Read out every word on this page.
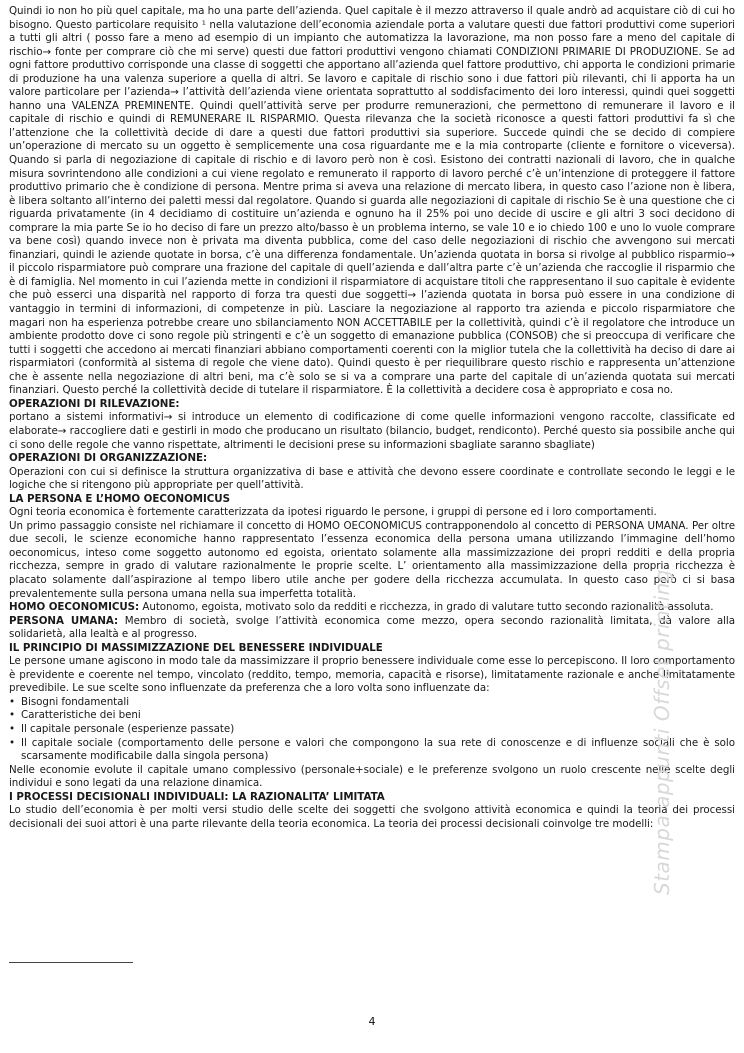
Quindi io non ho più quel capitale, ma ho una parte dell’azienda. Quel capitale è il mezzo attraverso il quale andrò ad acquistare ciò di cui ho bisogno. Questo particolare requisito ¹ nella valutazione dell’economia aziendale porta a valutare questi due fattori produttivi come superiori a tutti gli altri ( posso fare a meno ad esempio di un impianto che automatizza la lavorazione, ma non posso fare a meno del capitale di rischio→ fonte per comprare ciò che mi serve) questi due fattori produttivi vengono chiamati CONDIZIONI PRIMARIE DI PRODUZIONE. Se ad ogni fattore produttivo corrisponde una classe di soggetti che apportano all’azienda quel fattore produttivo, chi apporta le condizioni primarie di produzione ha una valenza superiore a quella di altri. Se lavoro e capitale di rischio sono i due fattori più rilevanti, chi li apporta ha un valore particolare per l’azienda→ l’attività dell’azienda viene orientata soprattutto al soddisfacimento dei loro interessi, quindi quei soggetti hanno una VALENZA PREMINENTE. Quindi quell’attività serve per produrre remunerazioni, che permettono di remunerare il lavoro e il capitale di rischio e quindi di REMUNERARE IL RISPARMIO. Questa rilevanza che la società riconosce a questi fattori produttivi fa sì che l’attenzione che la collettività decide di dare a questi due fattori produttivi sia superiore. Succede quindi che se decido di compiere un’operazione di mercato su un oggetto è semplicemente una cosa riguardante me e la mia controparte (cliente e fornitore o viceversa). Quando si parla di negoziazione di capitale di rischio e di lavoro però non è così. Esistono dei contratti nazionali di lavoro, che in qualche misura sovrintendono alle condizioni a cui viene regolato e remunerato il rapporto di lavoro perché c’è un’intenzione di proteggere il fattore produttivo primario che è condizione di persona. Mentre prima si aveva una relazione di mercato libera, in questo caso l’azione non è libera, è libera soltanto all’interno dei paletti messi dal regolatore. Quando si guarda alle negoziazioni di capitale di rischio Se è una questione che ci riguarda privatamente (in 4 decidiamo di costituire un’azienda e ognuno ha il 25% poi uno decide di uscire e gli altri 3 soci decidono di comprare la mia parte Se io ho deciso di fare un prezzo alto/basso è un problema interno, se vale 10 e io chiedo 100 e uno lo vuole comprare va bene così) quando invece non è privata ma diventa pubblica, come del caso delle negoziazioni di rischio che avvengono sui mercati finanziari, quindi le aziende quotate in borsa, c’è una differenza fondamentale. Un’azienda quotata in borsa si rivolge al pubblico risparmio→ il piccolo risparmiatore può comprare una frazione del capitale di quell’azienda e dall’altra parte c’è un’azienda che raccoglie il risparmio che è di famiglia. Nel momento in cui l’azienda mette in condizioni il risparmiatore di acquistare titoli che rappresentano il suo capitale è evidente che può esserci una disparità nel rapporto di forza tra questi due soggetti→ l’azienda quotata in borsa può essere in una condizione di vantaggio in termini di informazioni, di competenze in più. Lasciare la negoziazione al rapporto tra azienda e piccolo risparmiatore che magari non ha esperienza potrebbe creare uno sbilanciamento NON ACCETTABILE per la collettività, quindi c’è il regolatore che introduce un ambiente prodotto dove ci sono regole più stringenti e c’è un soggetto di emanazione pubblica (CONSOB) che si preoccupa di verificare che tutti i soggetti che accedono ai mercati finanziari abbiano comportamenti coerenti con la miglior tutela che la collettività ha deciso di dare ai risparmiatori (conformità al sistema di regole che viene dato). Quindi questo è per riequilibrare questo rischio e rappresenta un’attenzione che è assente nella negoziazione di altri beni, ma c’è solo se si va a comprare una parte del capitale di un’azienda quotata sui mercati finanziari. Questo perché la collettività decide di tutelare il risparmiatore. È la collettività a decidere cosa è appropriato e cosa no.

OPERAZIONI DI RILEVAZIONE:

portano a sistemi informativi→ si introduce un elemento di codificazione di come quelle informazioni vengono raccolte, classificate ed elaborate→ raccogliere dati e gestirli in modo che producano un risultato (bilancio, budget, rendiconto). Perché questo sia possibile anche qui ci sono delle regole che vanno rispettate, altrimenti le decisioni prese su informazioni sbagliate saranno sbagliate)

OPERAZIONI DI ORGANIZZAZIONE:

Operazioni con cui si definisce la struttura organizzativa di base e attività che devono essere coordinate e controllate secondo le leggi e le logiche che si ritengono più appropriate per quell’attività.

LA PERSONA E L’HOMO OECONOMICUS

Ogni teoria economica è fortemente caratterizzata da ipotesi riguardo le persone, i gruppi di persone ed i loro comportamenti.

Un primo passaggio consiste nel richiamare il concetto di HOMO OECONOMICUS contrapponendolo al concetto di PERSONA UMANA. Per oltre due secoli, le scienze economiche hanno rappresentato l’essenza economica della persona umana utilizzando l’immagine dell’homo oeconomicus, inteso come soggetto autonomo ed egoista, orientato solamente alla massimizzazione dei propri redditi e della propria ricchezza, sempre in grado di valutare razionalmente le proprie scelte. L’ orientamento alla massimizzazione della propria ricchezza è placato solamente dall’aspirazione al tempo libero utile anche per godere della ricchezza accumulata. In questo caso però ci si basa prevalentemente sulla persona umana nella sua imperfetta totalità.

HOMO OECONOMICUS: Autonomo, egoista, motivato solo da redditi e ricchezza, in grado di valutare tutto secondo razionalità assoluta.

PERSONA UMANA: Membro di società, svolge l’attività economica come mezzo, opera secondo razionalità limitata, dà valore alla solidarietà, alla lealtà e al progresso.

IL PRINCIPIO DI MASSIMIZZAZIONE DEL BENESSERE INDIVIDUALE

Le persone umane agiscono in modo tale da massimizzare il proprio benessere individuale come esse lo percepiscono. Il loro comportamento è previdente e coerente nel tempo, vincolato (reddito, tempo, memoria, capacità e risorse), limitatamente razionale e anche limitatamente prevedibile. Le sue scelte sono influenzate da preferenza che a loro volta sono influenzate da:

• Bisogni fondamentali
• Caratteristiche dei beni
• Il capitale personale (esperienze passate)
• Il capitale sociale (comportamento delle persone e valori che compongono la sua rete di conoscenze e di influenze sociali che è solo scarsamente modificabile dalla singola persona)

Nelle economie evolute il capitale umano complessivo (personale+sociale) e le preferenze svolgono un ruolo crescente nelle scelte degli individui e sono legati da una relazione dinamica.

I PROCESSI DECISIONALI INDIVIDUALI: LA RAZIONALITA’ LIMITATA

Lo studio dell’economia è per molti versi studio delle scelte dei soggetti che svolgono attività economica e quindi la teoria dei processi decisionali dei suoi attori è una parte rilevante della teoria economica. La teoria dei processi decisionali coinvolge tre modelli:

Stampa appunti Offset printing
4
